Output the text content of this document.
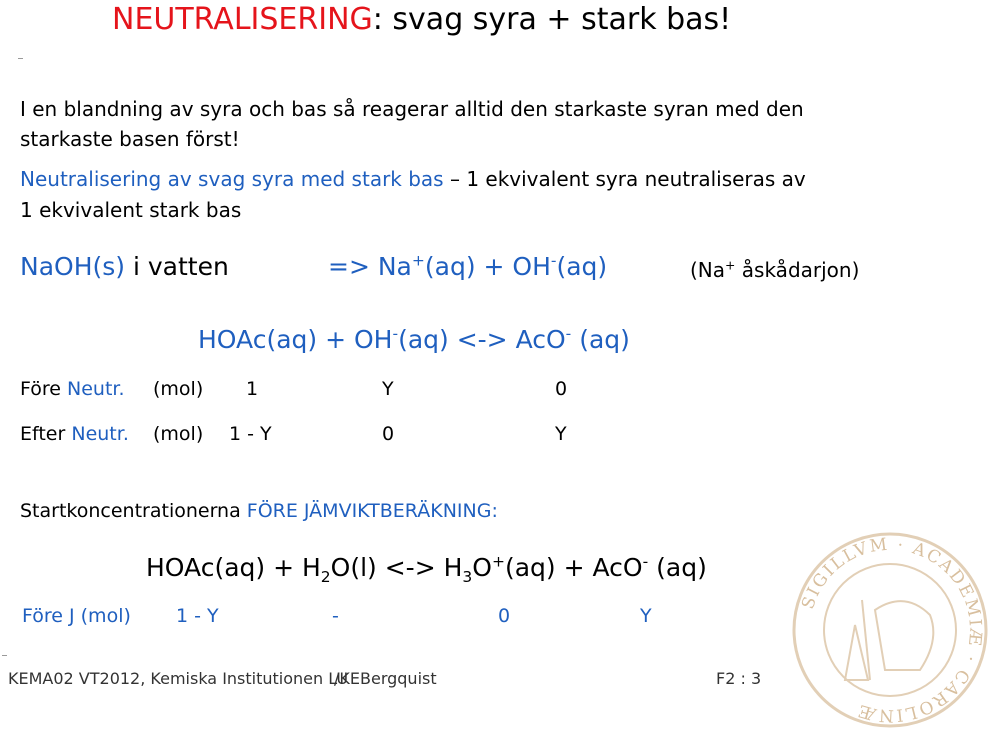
NEUTRALISERING: svag syra + stark bas!
I en blandning av syra och bas så reagerar alltid den starkaste syran med den
starkaste basen först!
Neutralisering av svag syra med stark bas – 1 ekvivalent syra neutraliseras av
1 ekvivalent stark bas
NaOH(s) i vatten	=> Na+(aq) + OH-(aq)	(Na+ åskådarjon)
HOAc(aq) + OH-(aq) <-> AcO- (aq)
Före Neutr. (mol) 1	Y	0
Efter Neutr. (mol) 1 - Y	0	Y
Startkoncentrationerna FÖRE JÄMVIKTBERÄKNING:
HOAc(aq) + $H_2O(l)$ <-> $H_3O^+(aq) + AcO^-$ (aq)
Före J (mol) 1 - Y	-	0	Y
SIGILLVM · ACADEMIÆ · CAROLINÆ
KEMA02 VT2012, Kemiska Institutionen LU
/KEBergquist	F2 : 3
